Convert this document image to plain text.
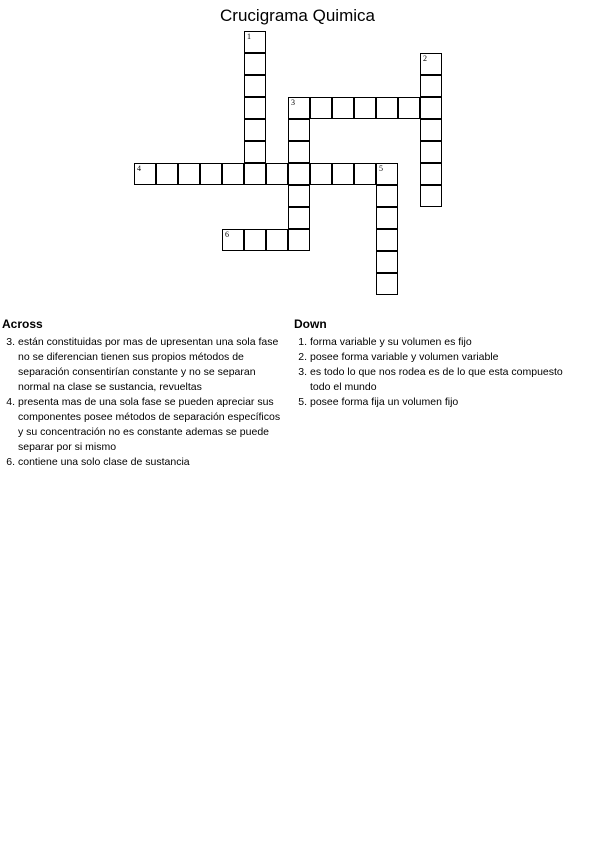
Crucigrama Quimica
1
2
3
4	5
6
Across
3. están constituidas por mas de upresentan una sola fase no se diferencian tienen sus propios métodos de separación consentirían constante y no se separan normal na clase se sustancia, revueltas
4. presenta mas de una sola fase se pueden apreciar sus componentes posee métodos de separación específicos y su concentración no es constante ademas se puede separar por si mismo
6. contiene una solo clase de sustancia
Down
1. forma variable y su volumen es fijo
2. posee forma variable y volumen variable
3. es todo lo que nos rodea es de lo que esta compuesto todo el mundo
5. posee forma fija un volumen fijo
